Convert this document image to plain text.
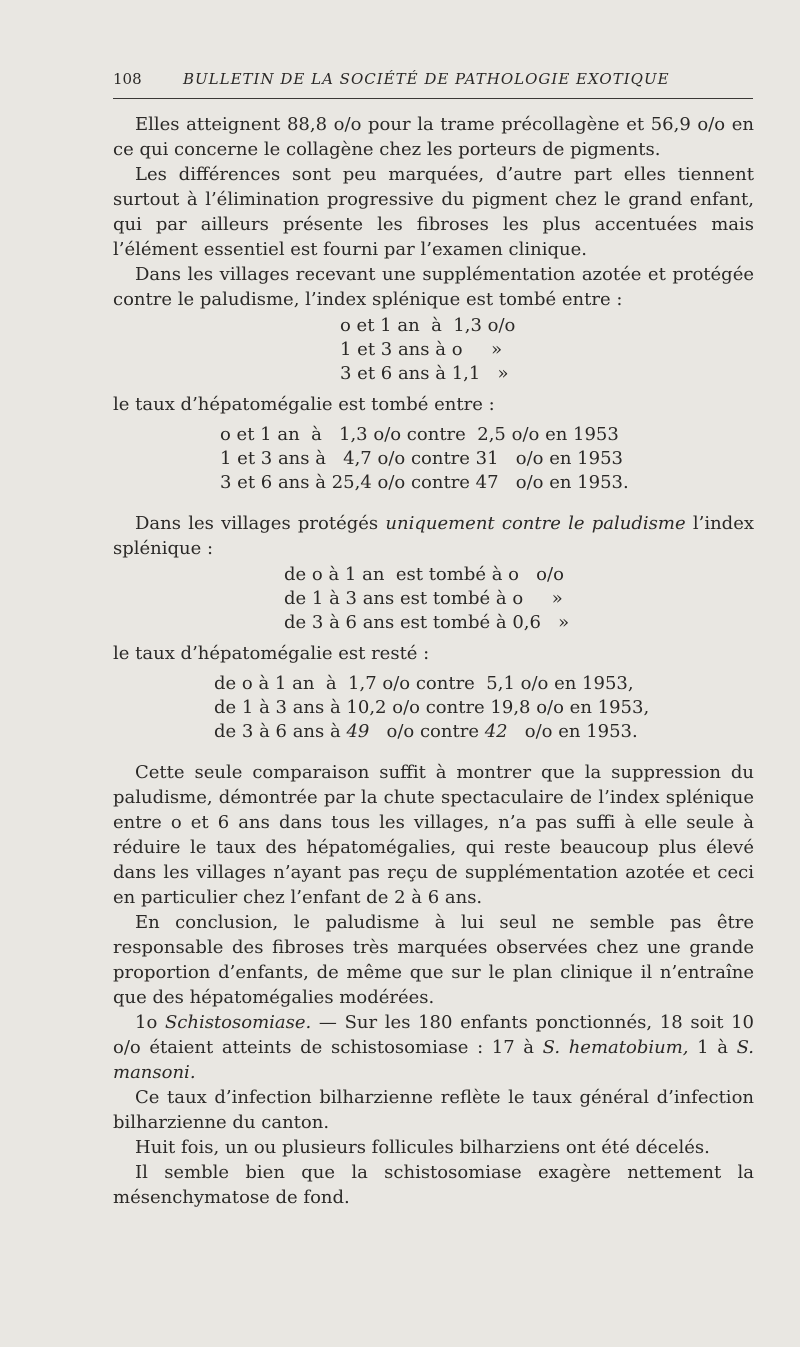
108	BULLETIN DE LA SOCIÉTÉ DE PATHOLOGIE EXOTIQUE

Elles atteignent 88,8 o/o pour la trame précollagène et 56,9 o/o en ce qui concerne le collagène chez les porteurs de pigments.

Les différences sont peu marquées, d’autre part elles tiennent surtout à l’élimination progressive du pigment chez le grand enfant, qui par ailleurs présente les fibroses les plus accentuées mais l’élément essentiel est fourni par l’examen clinique.

Dans les villages recevant une supplémentation azotée et protégée contre le paludisme, l’index splénique est tombé entre :

o et 1 an  à  1,3 o/o
1 et 3 ans à o     »
3 et 6 ans à 1,1   »

le taux d’hépatomégalie est tombé entre :

o et 1 an  à   1,3 o/o contre  2,5 o/o en 1953
1 et 3 ans à   4,7 o/o contre 31   o/o en 1953
3 et 6 ans à 25,4 o/o contre 47   o/o en 1953.

Dans les villages protégés uniquement contre le paludisme l’index splénique :

de o à 1 an  est tombé à o   o/o
de 1 à 3 ans est tombé à o     »
de 3 à 6 ans est tombé à 0,6   »

le taux d’hépatomégalie est resté :

de o à 1 an  à  1,7 o/o contre  5,1 o/o en 1953,
de 1 à 3 ans à 10,2 o/o contre 19,8 o/o en 1953,
de 3 à 6 ans à 49   o/o contre 42   o/o en 1953.

Cette seule comparaison suffit à montrer que la suppression du paludisme, démontrée par la chute spectaculaire de l’index splénique entre o et 6 ans dans tous les villages, n’a pas suffi à elle seule à réduire le taux des hépatomégalies, qui reste beaucoup plus élevé dans les villages n’ayant pas reçu de supplémentation azotée et ceci en particulier chez l’enfant de 2 à 6 ans.

En conclusion, le paludisme à lui seul ne semble pas être responsable des fibroses très marquées observées chez une grande proportion d’enfants, de même que sur le plan clinique il n’entraîne que des hépatomégalies modérées.

1o Schistosomiase. — Sur les 180 enfants ponctionnés, 18 soit 10 o/o étaient atteints de schistosomiase : 17 à S. hematobium, 1 à S. mansoni.

Ce taux d’infection bilharzienne reflète le taux général d’infection bilharzienne du canton.

Huit fois, un ou plusieurs follicules bilharziens ont été décelés.

Il semble bien que la schistosomiase exagère nettement la mésenchymatose de fond.
